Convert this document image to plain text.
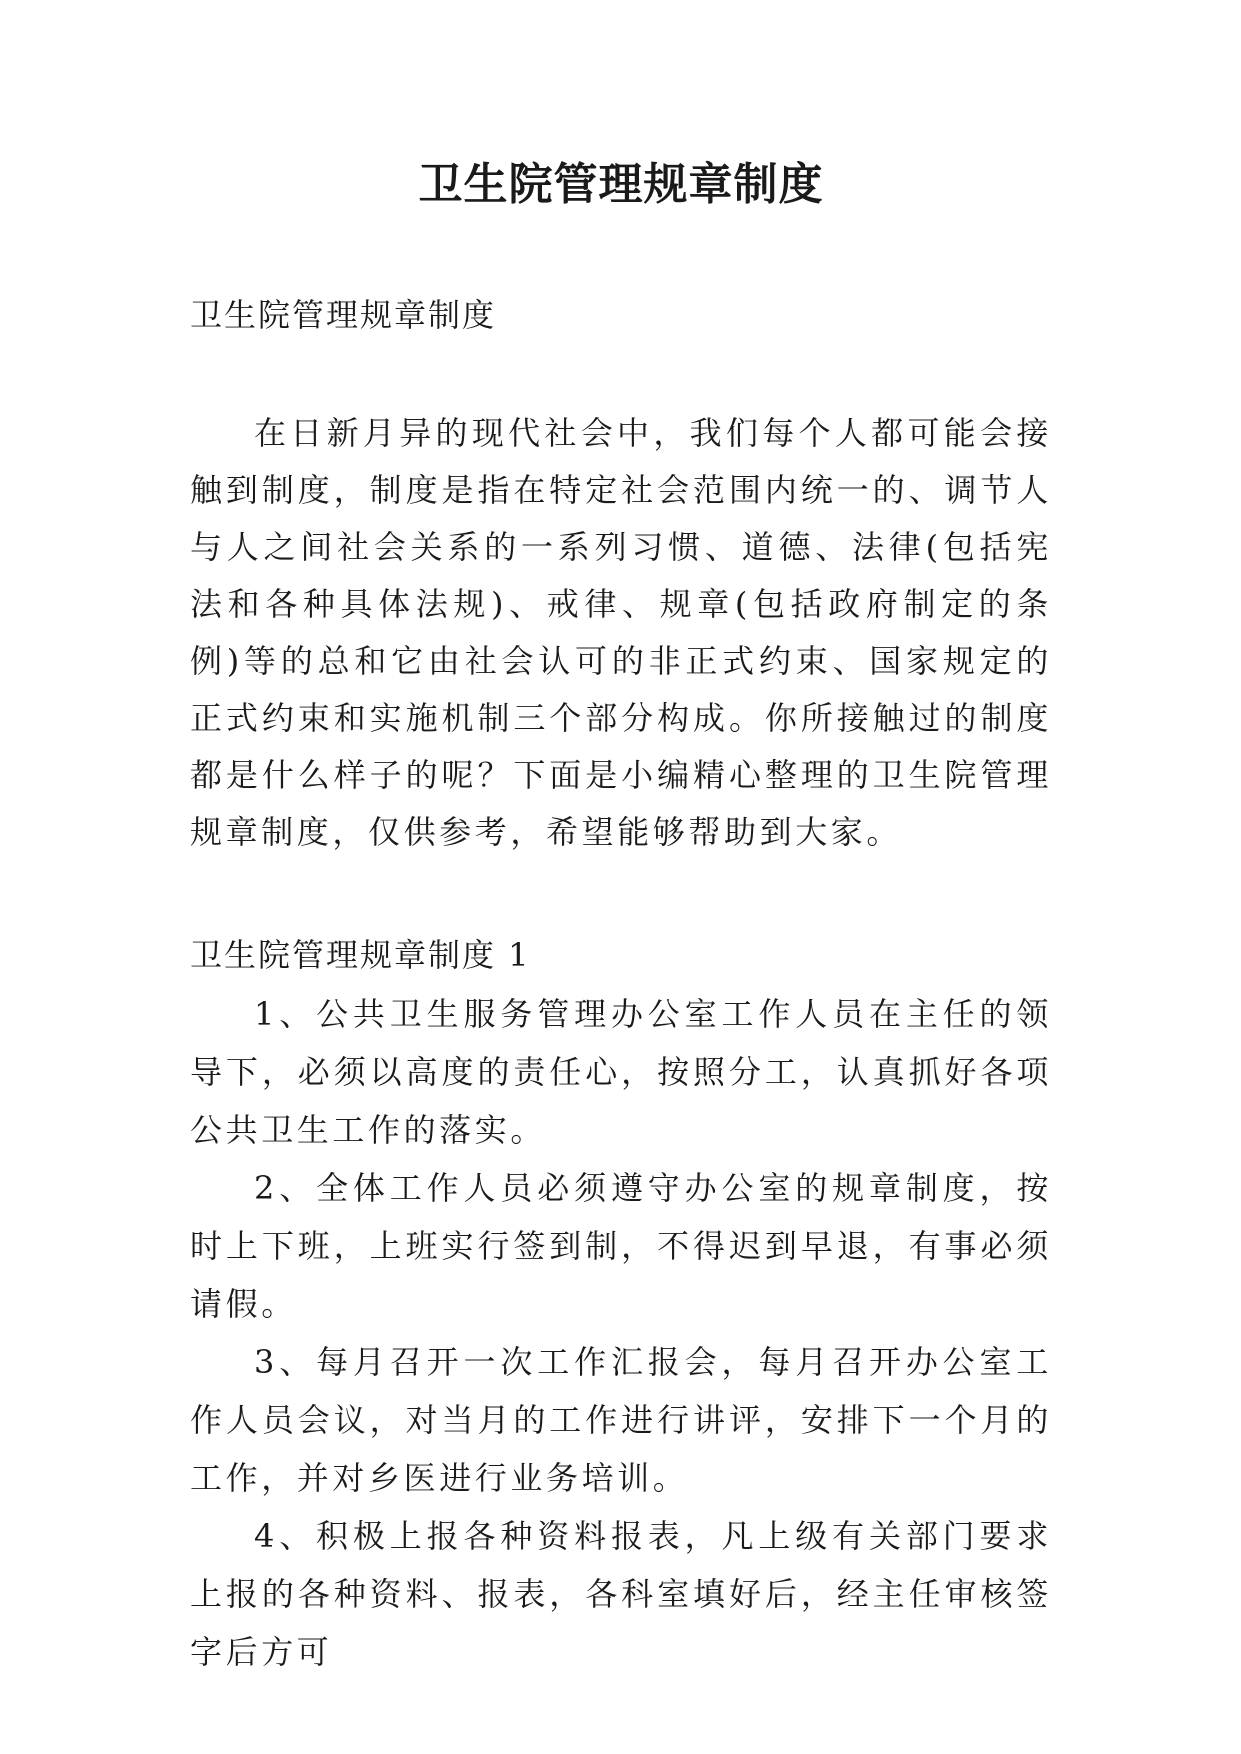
卫生院管理规章制度

卫生院管理规章制度

在日新月异的现代社会中，我们每个人都可能会接触到制度，制度是指在特定社会范围内统一的、调节人与人之间社会关系的一系列习惯、道德、法律(包括宪法和各种具体法规)、戒律、规章(包括政府制定的条例)等的总和它由社会认可的非正式约束、国家规定的正式约束和实施机制三个部分构成。你所接触过的制度都是什么样子的呢？下面是小编精心整理的卫生院管理规章制度，仅供参考，希望能够帮助到大家。

卫生院管理规章制度 1

1、公共卫生服务管理办公室工作人员在主任的领导下，必须以高度的责任心，按照分工，认真抓好各项公共卫生工作的落实。

2、全体工作人员必须遵守办公室的规章制度，按时上下班，上班实行签到制，不得迟到早退，有事必须请假。

3、每月召开一次工作汇报会，每月召开办公室工作人员会议，对当月的工作进行讲评，安排下一个月的工作，并对乡医进行业务培训。

4、积极上报各种资料报表，凡上级有关部门要求上报的各种资料、报表，各科室填好后，经主任审核签字后方可
